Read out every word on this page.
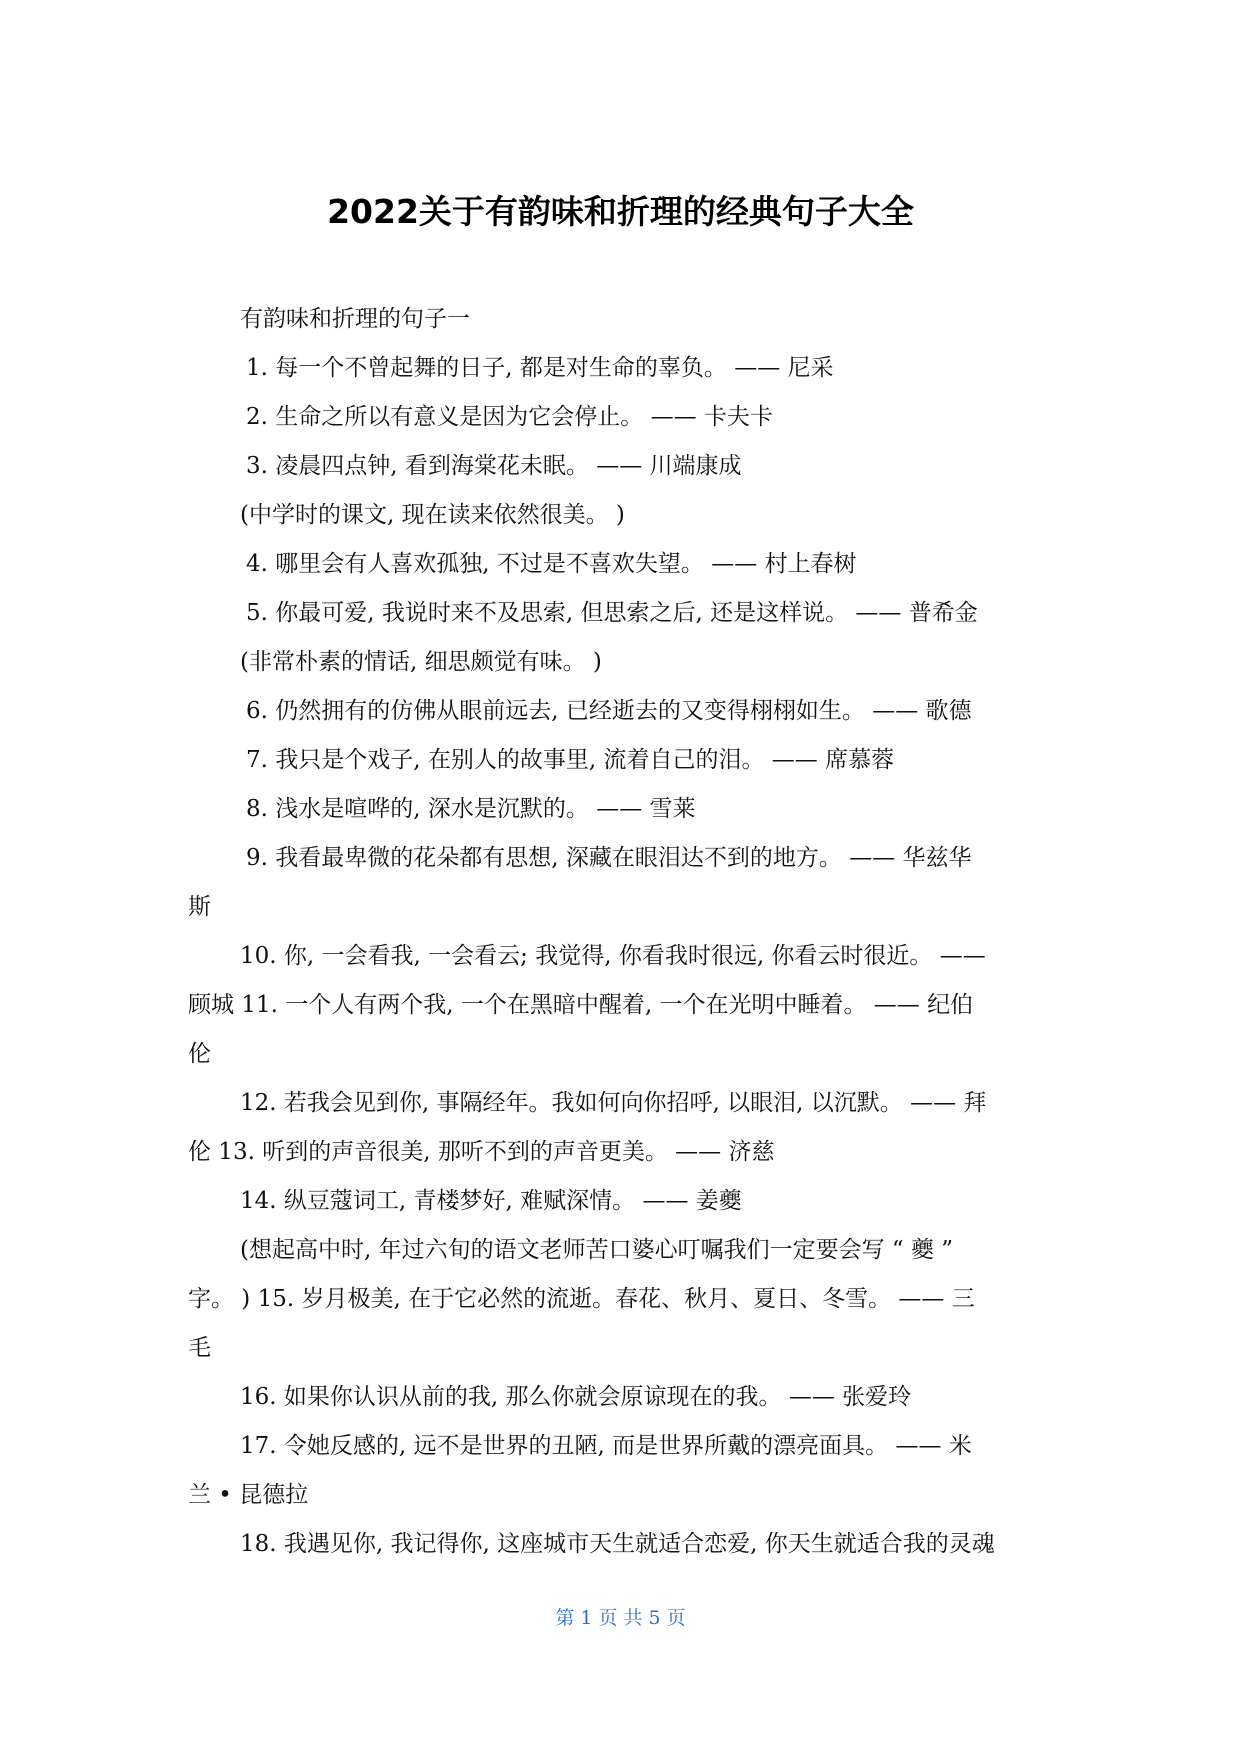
2022关于有韵味和折理的经典句子大全
有韵味和折理的句子一
1. 每一个不曾起舞的日子, 都是对生命的辜负。 —— 尼采
2. 生命之所以有意义是因为它会停止。 —— 卡夫卡
3. 凌晨四点钟, 看到海棠花未眠。 —— 川端康成
(中学时的课文, 现在读来依然很美。 )
4. 哪里会有人喜欢孤独, 不过是不喜欢失望。 —— 村上春树
5. 你最可爱, 我说时来不及思索, 但思索之后, 还是这样说。 —— 普希金
(非常朴素的情话, 细思颇觉有味。 )
6. 仍然拥有的仿佛从眼前远去, 已经逝去的又变得栩栩如生。 —— 歌德
7. 我只是个戏子, 在别人的故事里, 流着自己的泪。 —— 席慕蓉
8. 浅水是喧哗的, 深水是沉默的。 —— 雪莱
9. 我看最卑微的花朵都有思想, 深藏在眼泪达不到的地方。 —— 华兹华
斯
10. 你, 一会看我, 一会看云; 我觉得, 你看我时很远, 你看云时很近。 ——
顾城 11. 一个人有两个我, 一个在黑暗中醒着, 一个在光明中睡着。 —— 纪伯
伦
12. 若我会见到你, 事隔经年。我如何向你招呼, 以眼泪, 以沉默。 —— 拜
伦 13. 听到的声音很美, 那听不到的声音更美。 —— 济慈
14. 纵豆蔻词工, 青楼梦好, 难赋深情。 —— 姜夔
(想起高中时, 年过六旬的语文老师苦口婆心叮嘱我们一定要会写 “ 夔 ”
字。 ) 15. 岁月极美, 在于它必然的流逝。春花、秋月、夏日、冬雪。 —— 三
毛
16. 如果你认识从前的我, 那么你就会原谅现在的我。 —— 张爱玲
17. 令她反感的, 远不是世界的丑陋, 而是世界所戴的漂亮面具。 —— 米
兰 • 昆德拉
18. 我遇见你, 我记得你, 这座城市天生就适合恋爱, 你天生就适合我的灵魂
第 1 页 共 5 页
